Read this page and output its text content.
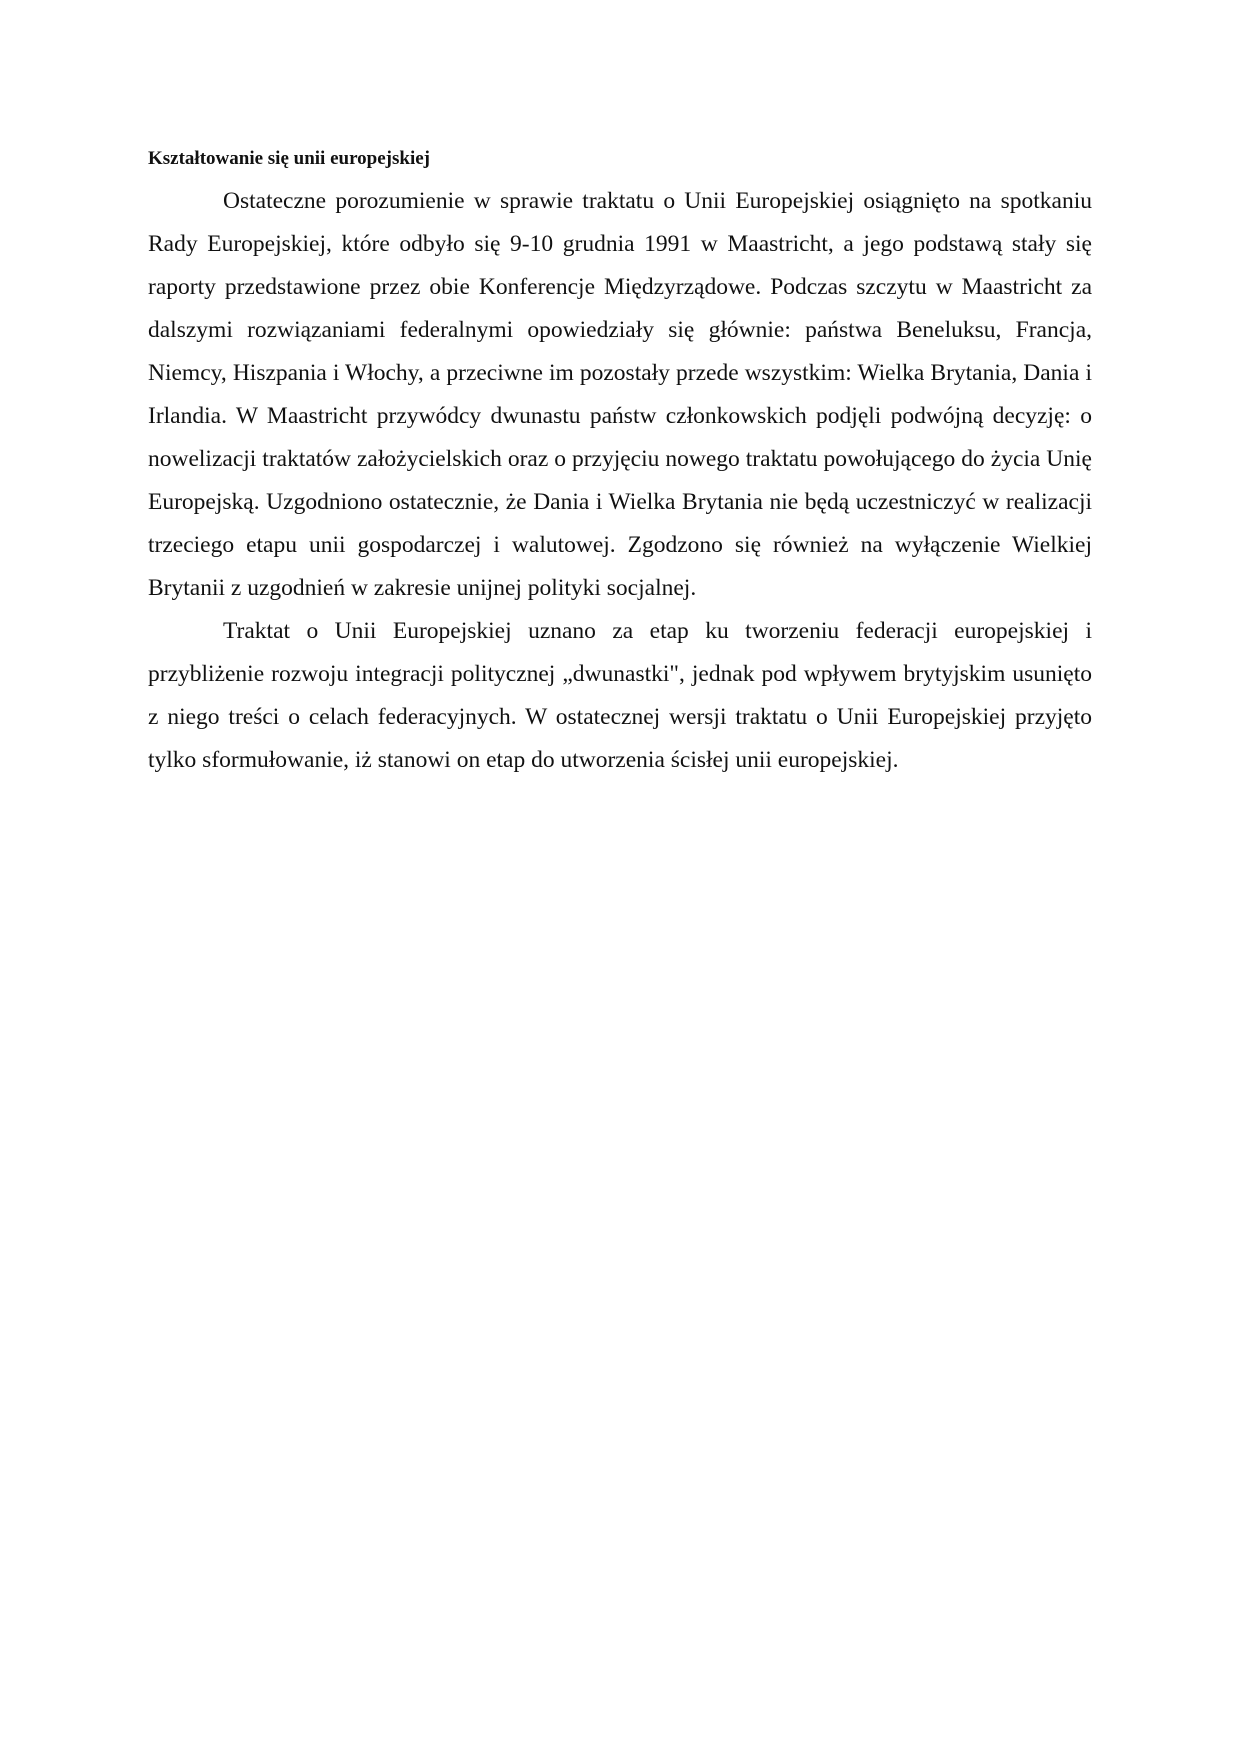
Kształtowanie się unii europejskiej

Ostateczne porozumienie w sprawie traktatu o Unii Europejskiej osiągnięto na spotkaniu Rady Europejskiej, które odbyło się 9-10 grudnia 1991 w Maastricht, a jego podstawą stały się raporty przedstawione przez obie Konferencje Międzyrządowe. Podczas szczytu w Maastricht za dalszymi rozwiązaniami federalnymi opowiedziały się głównie: państwa Beneluksu, Francja, Niemcy, Hiszpania i Włochy, a przeciwne im pozostały przede wszystkim: Wielka Brytania, Dania i Irlandia. W Maastricht przywódcy dwunastu państw członkowskich podjęli podwójną decyzję: o nowelizacji traktatów założycielskich oraz o przyjęciu nowego traktatu powołującego do życia Unię Europejską. Uzgodniono ostatecznie, że Dania i Wielka Brytania nie będą uczestniczyć w realizacji trzeciego etapu unii gospodarczej i walutowej. Zgodzono się również na wyłączenie Wielkiej Brytanii z uzgodnień w zakresie unijnej polityki socjalnej.

Traktat o Unii Europejskiej uznano za etap ku tworzeniu federacji europejskiej i przybliżenie rozwoju integracji politycznej „dwunastki", jednak pod wpływem brytyjskim usunięto z niego treści o celach federacyjnych. W ostatecznej wersji traktatu o Unii Europejskiej przyjęto tylko sformułowanie, iż stanowi on etap do utworzenia ścisłej unii europejskiej.
